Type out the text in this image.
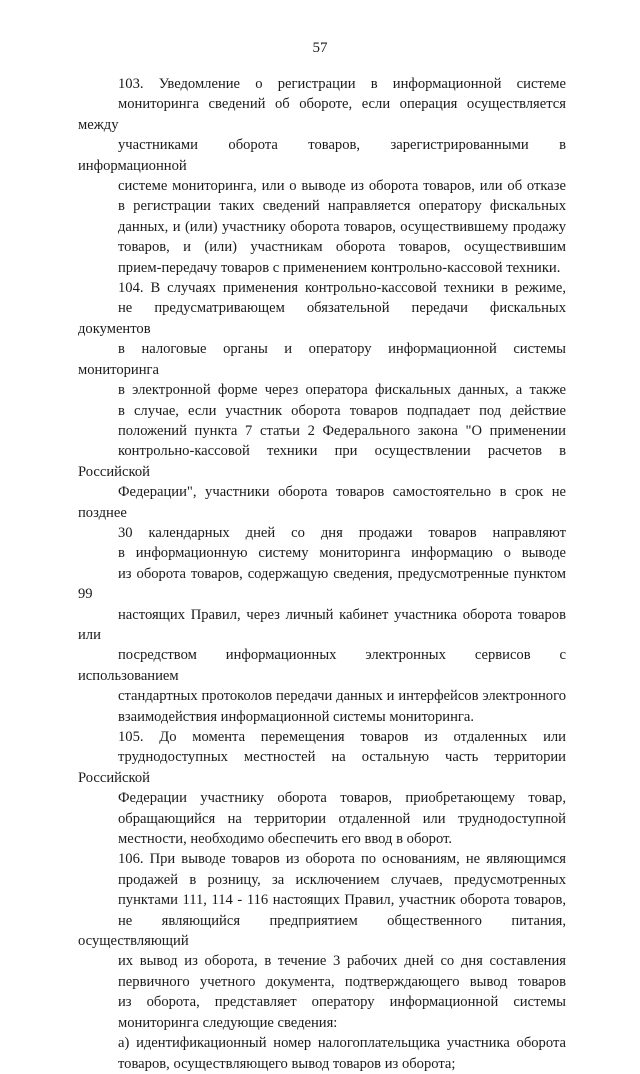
57

103. Уведомление о регистрации в информационной системе
мониторинга сведений об обороте, если операция осуществляется между
участниками оборота товаров, зарегистрированными в информационной
системе мониторинга, или о выводе из оборота товаров, или об отказе
в регистрации таких сведений направляется оператору фискальных
данных, и (или) участнику оборота товаров, осуществившему продажу
товаров, и (или) участникам оборота товаров, осуществившим
прием-передачу товаров с применением контрольно-кассовой техники.

104. В случаях применения контрольно-кассовой техники в режиме,
не предусматривающем обязательной передачи фискальных документов
в налоговые органы и оператору информационной системы мониторинга
в электронной форме через оператора фискальных данных, а также
в случае, если участник оборота товаров подпадает под действие
положений пункта 7 статьи 2 Федерального закона "О применении
контрольно-кассовой техники при осуществлении расчетов в Российской
Федерации", участники оборота товаров самостоятельно в срок не позднее
30 календарных дней со дня продажи товаров направляют
в информационную систему мониторинга информацию о выводе
из оборота товаров, содержащую сведения, предусмотренные пунктом 99
настоящих Правил, через личный кабинет участника оборота товаров или
посредством информационных электронных сервисов с использованием
стандартных протоколов передачи данных и интерфейсов электронного
взаимодействия информационной системы мониторинга.

105. До момента перемещения товаров из отдаленных или
труднодоступных местностей на остальную часть территории Российской
Федерации участнику оборота товаров, приобретающему товар,
обращающийся на территории отдаленной или труднодоступной
местности, необходимо обеспечить его ввод в оборот.

106. При выводе товаров из оборота по основаниям, не являющимся
продажей в розницу, за исключением случаев, предусмотренных
пунктами 111, 114 - 116 настоящих Правил, участник оборота товаров,
не являющийся предприятием общественного питания, осуществляющий
их вывод из оборота, в течение 3 рабочих дней со дня составления
первичного учетного документа, подтверждающего вывод товаров
из оборота, представляет оператору информационной системы
мониторинга следующие сведения:

а) идентификационный номер налогоплательщика участника оборота
товаров, осуществляющего вывод товаров из оборота;
